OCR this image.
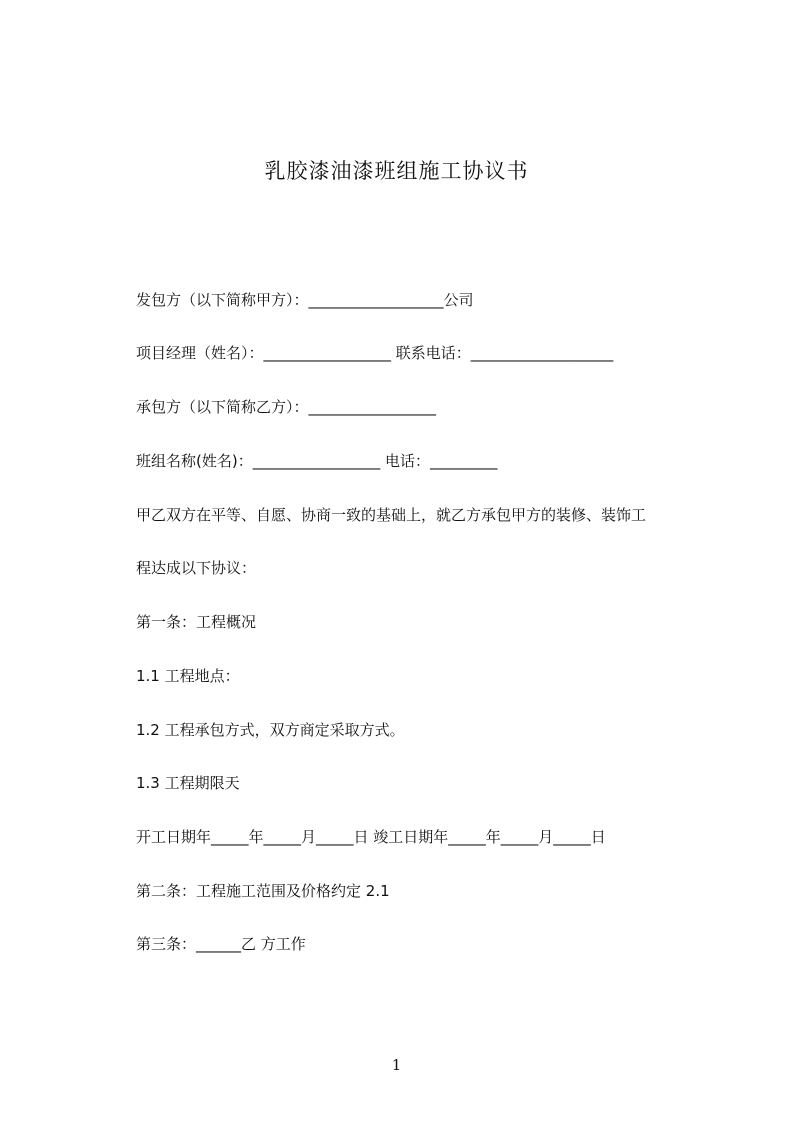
乳胶漆油漆班组施工协议书
发包方（以下简称甲方）：__________________公司
项目经理（姓名）：_________________ 联系电话：___________________
承包方（以下简称乙方）：_________________
班组名称(姓名)：_________________ 电话：_________
甲乙双方在平等、自愿、协商一致的基础上，就乙方承包甲方的装修、装饰工
程达成以下协议：
第一条：工程概况
1.1 工程地点：
1.2 工程承包方式，双方商定采取方式。
1.3 工程期限天
开工日期年_____年_____月_____日 竣工日期年_____年_____月_____日
第二条：工程施工范围及价格约定 2.1
第三条：______乙 方工作
1
